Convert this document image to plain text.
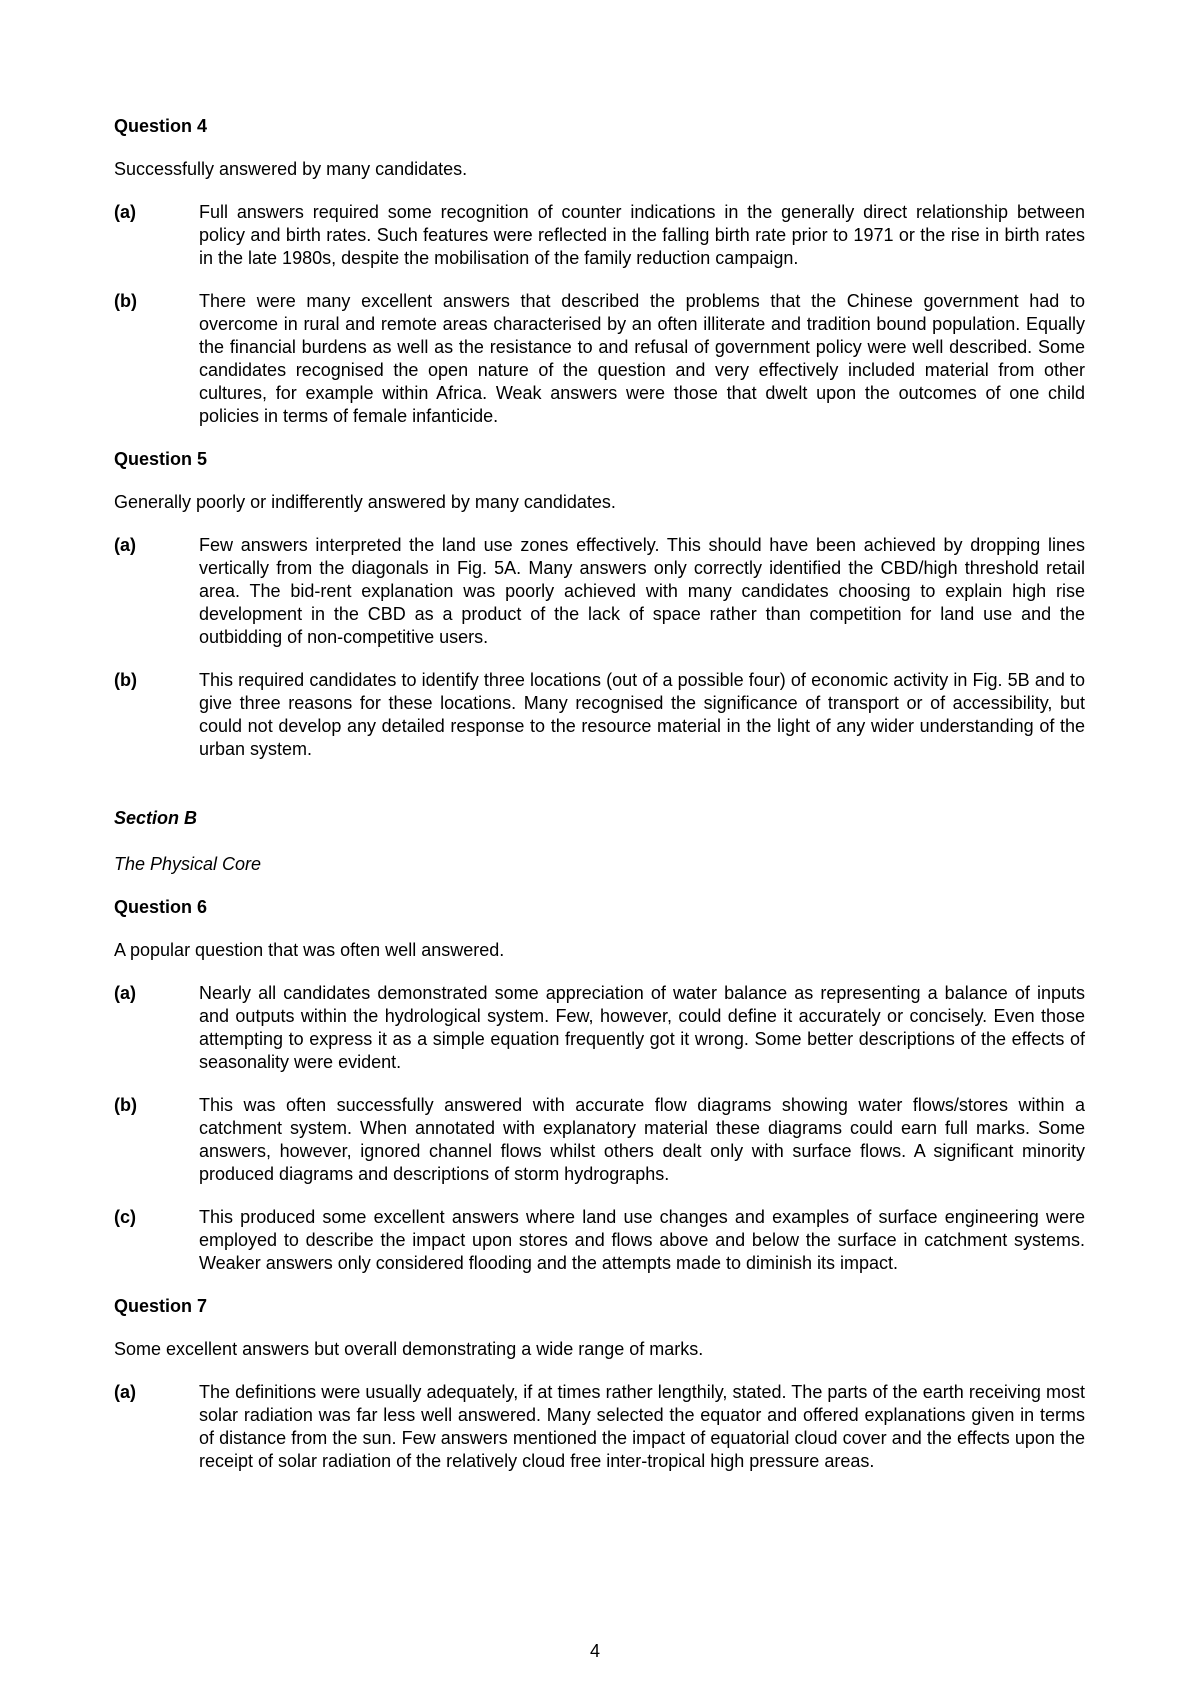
Question 4

Successfully answered by many candidates.

(a)	Full answers required some recognition of counter indications in the generally direct relationship between policy and birth rates. Such features were reflected in the falling birth rate prior to 1971 or the rise in birth rates in the late 1980s, despite the mobilisation of the family reduction campaign.
(b)	There were many excellent answers that described the problems that the Chinese government had to overcome in rural and remote areas characterised by an often illiterate and tradition bound population. Equally the financial burdens as well as the resistance to and refusal of government policy were well described. Some candidates recognised the open nature of the question and very effectively included material from other cultures, for example within Africa. Weak answers were those that dwelt upon the outcomes of one child policies in terms of female infanticide.

Question 5

Generally poorly or indifferently answered by many candidates.

(a)	Few answers interpreted the land use zones effectively. This should have been achieved by dropping lines vertically from the diagonals in Fig. 5A. Many answers only correctly identified the CBD/high threshold retail area. The bid-rent explanation was poorly achieved with many candidates choosing to explain high rise development in the CBD as a product of the lack of space rather than competition for land use and the outbidding of non-competitive users.
(b)	This required candidates to identify three locations (out of a possible four) of economic activity in Fig. 5B and to give three reasons for these locations. Many recognised the significance of transport or of accessibility, but could not develop any detailed response to the resource material in the light of any wider understanding of the urban system.

Section B

The Physical Core

Question 6

A popular question that was often well answered.

(a)	Nearly all candidates demonstrated some appreciation of water balance as representing a balance of inputs and outputs within the hydrological system. Few, however, could define it accurately or concisely. Even those attempting to express it as a simple equation frequently got it wrong. Some better descriptions of the effects of seasonality were evident.
(b)	This was often successfully answered with accurate flow diagrams showing water flows/stores within a catchment system. When annotated with explanatory material these diagrams could earn full marks. Some answers, however, ignored channel flows whilst others dealt only with surface flows. A significant minority produced diagrams and descriptions of storm hydrographs.
(c)	This produced some excellent answers where land use changes and examples of surface engineering were employed to describe the impact upon stores and flows above and below the surface in catchment systems. Weaker answers only considered flooding and the attempts made to diminish its impact.

Question 7

Some excellent answers but overall demonstrating a wide range of marks.

(a)	The definitions were usually adequately, if at times rather lengthily, stated. The parts of the earth receiving most solar radiation was far less well answered. Many selected the equator and offered explanations given in terms of distance from the sun. Few answers mentioned the impact of equatorial cloud cover and the effects upon the receipt of solar radiation of the relatively cloud free inter-tropical high pressure areas.
4
